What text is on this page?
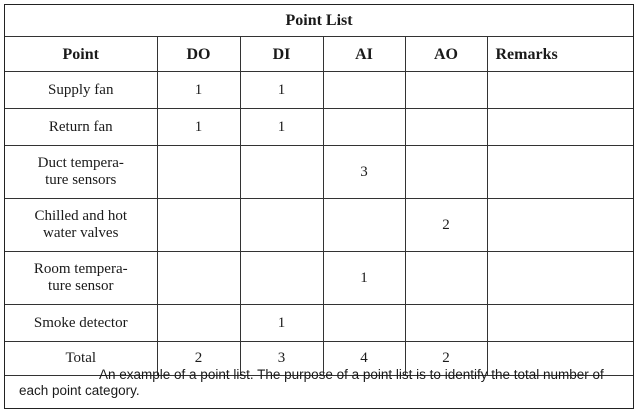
Point List					
Point	DO	DI	AI	AO	Remarks
Supply fan	1	1			
Return fan	1	1			
Duct tempera-
ture sensors			3		
Chilled and hot
water valves				2	
Room tempera-
ture sensor			1		
Smoke detector		1			
Total	2	3	4	2	
An example of a point list. The purpose of a point list is to identify the total number of each point category.
